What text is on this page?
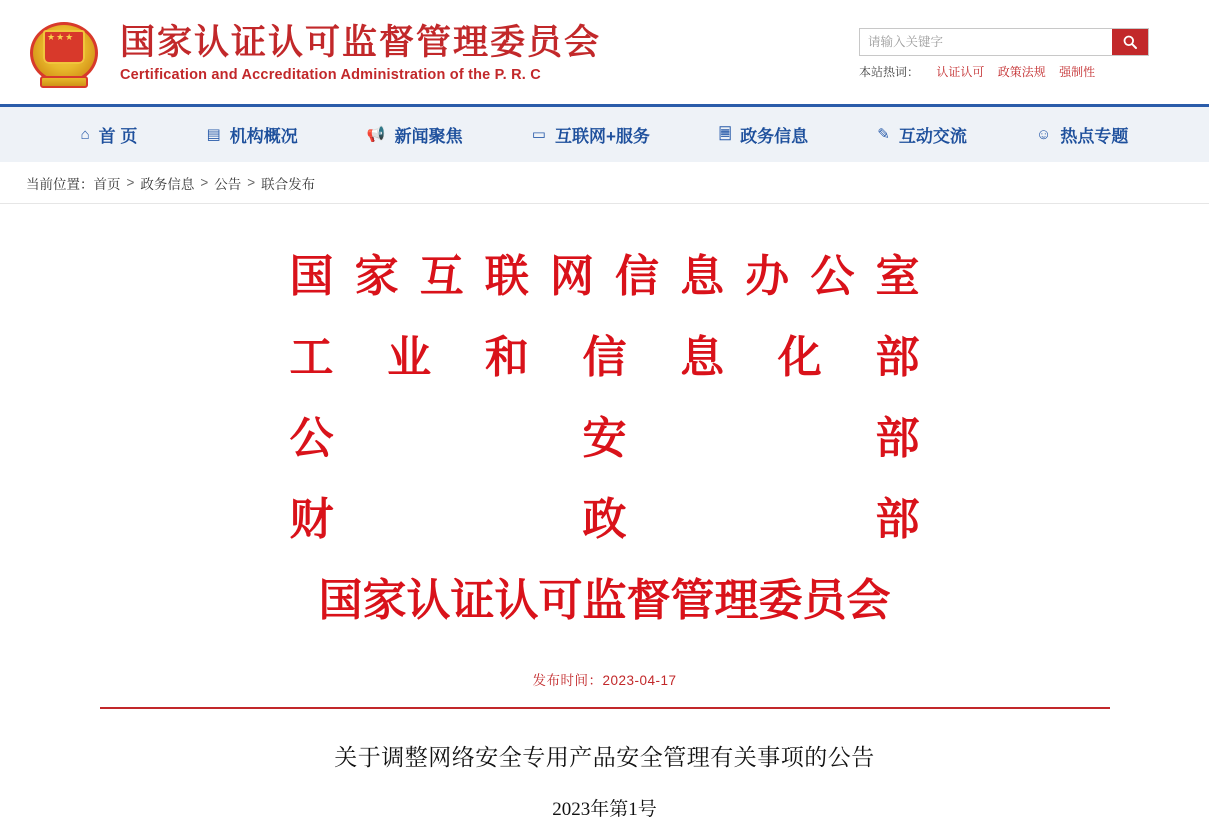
★★★ 国家认证认可监督管理委员会
Certification and Accreditation Administration of the P. R. C
请输入关键字	本站热词： 认证认可 政策法规 强制性
⌂ 首 页	▤ 机构概况	📢 新闻聚焦	▭ 互联网+服务	🗏 政务信息	✎ 互动交流	☺ 热点专题
当前位置： 首页 > 政务信息 > 公告 > 联合发布
国 家 互 联 网 信 息 办 公 室
工 业 和 信 息 化 部
公	安	部
财	政	部
国家认证认可监督管理委员会
发布时间：2023-04-17
关于调整网络安全专用产品安全管理有关事项的公告
2023年第1号
